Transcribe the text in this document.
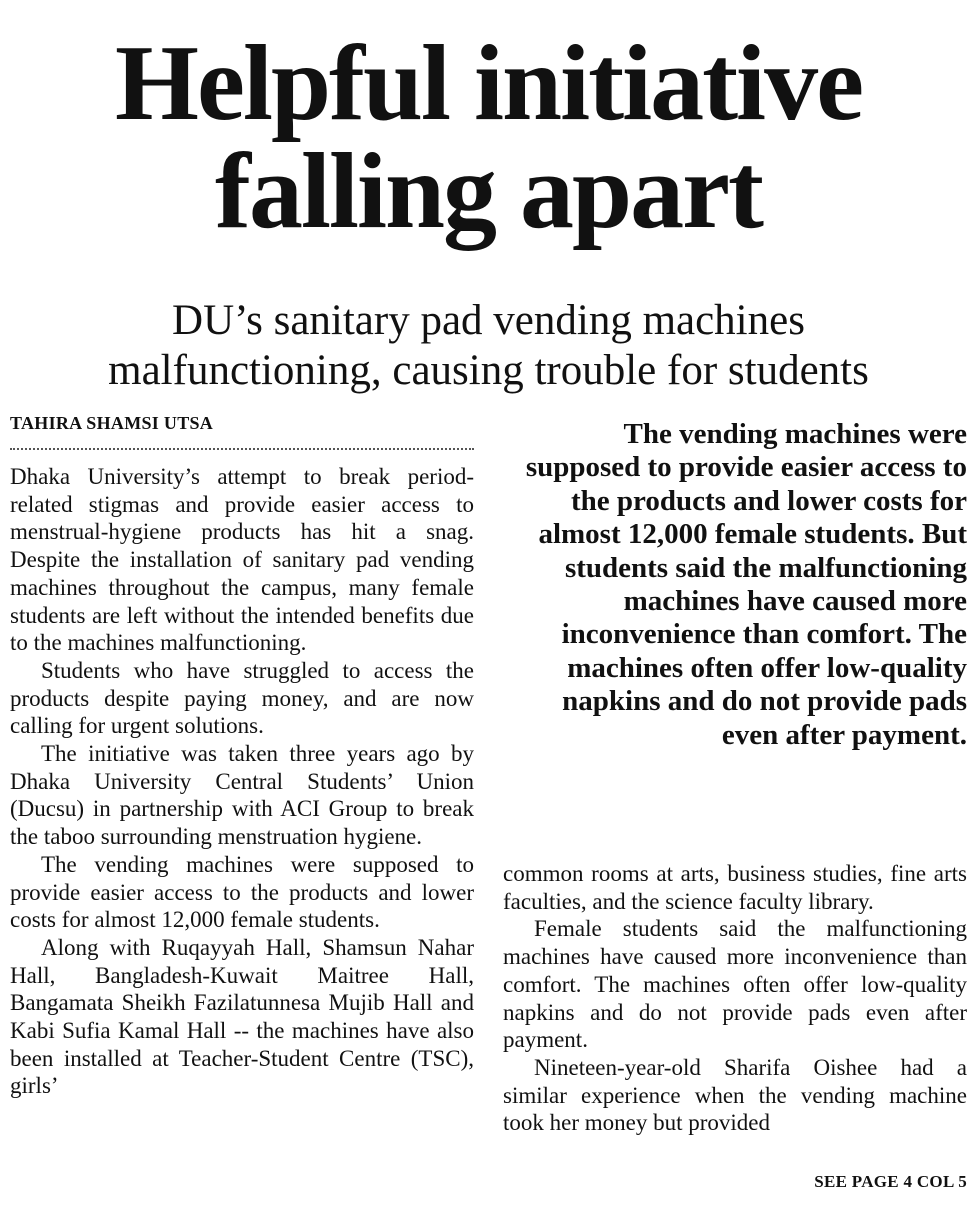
Helpful initiative
falling apart
DU’s sanitary pad vending machines
malfunctioning, causing trouble for students
TAHIRA SHAMSI UTSA

Dhaka University’s attempt to break period-related stigmas and provide easier access to menstrual-hygiene products has hit a snag. Despite the installation of sanitary pad vending machines throughout the campus, many female students are left without the intended benefits due to the machines malfunctioning.

Students who have struggled to access the products despite paying money, and are now calling for urgent solutions.

The initiative was taken three years ago by Dhaka University Central Students’ Union (Ducsu) in partnership with ACI Group to break the taboo surrounding menstruation hygiene.

The vending machines were supposed to provide easier access to the products and lower costs for almost 12,000 female students.

Along with Ruqayyah Hall, Shamsun Nahar Hall, Bangladesh-Kuwait Maitree Hall, Bangamata Sheikh Fazilatunnesa Mujib Hall and Kabi Sufia Kamal Hall -- the machines have also been installed at Teacher-Student Centre (TSC), girls’

The vending machines were supposed to provide easier access to the products and lower costs for almost 12,000 female students. But students said the malfunctioning machines have caused more inconvenience than comfort. The machines often offer low-quality napkins and do not provide pads even after payment.

common rooms at arts, business studies, fine arts faculties, and the science faculty library.

Female students said the malfunctioning machines have caused more inconvenience than comfort. The machines often offer low-quality napkins and do not provide pads even after payment.

Nineteen-year-old Sharifa Oishee had a similar experience when the vending machine took her money but provided

SEE PAGE 4 COL 5
